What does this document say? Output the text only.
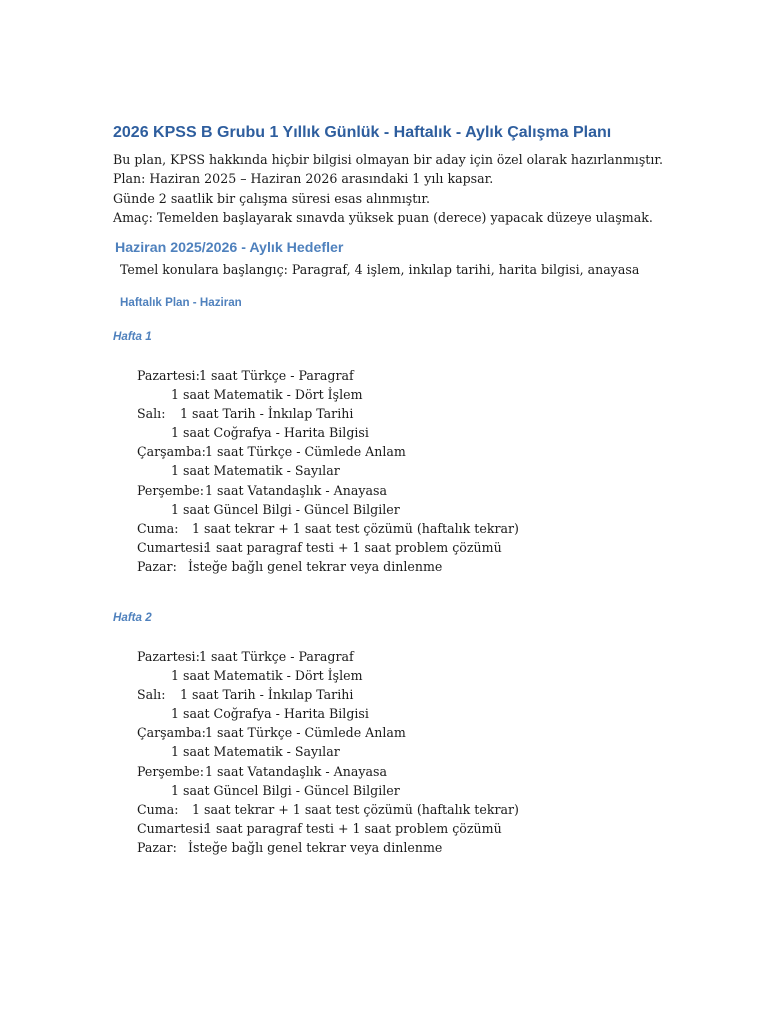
2026 KPSS B Grubu 1 Yıllık Günlük - Haftalık - Aylık Çalışma Planı
Bu plan, KPSS hakkında hiçbir bilgisi olmayan bir aday için özel olarak hazırlanmıştır.
Plan: Haziran 2025 – Haziran 2026 arasındaki 1 yılı kapsar.
Günde 2 saatlik bir çalışma süresi esas alınmıştır.
Amaç: Temelden başlayarak sınavda yüksek puan (derece) yapacak düzeye ulaşmak.
Haziran 2025/2026 - Aylık Hedefler
Temel konulara başlangıç: Paragraf, 4 işlem, inkılap tarihi, harita bilgisi, anayasa
Haftalık Plan - Haziran
Hafta 1
Pazartesi: 1 saat Türkçe - Paragraf
1 saat Matematik - Dört İşlem
Salı: 1 saat Tarih - İnkılap Tarihi
1 saat Coğrafya - Harita Bilgisi
Çarşamba: 1 saat Türkçe - Cümlede Anlam
1 saat Matematik - Sayılar
Perşembe: 1 saat Vatandaşlık - Anayasa
1 saat Güncel Bilgi - Güncel Bilgiler
Cuma: 1 saat tekrar + 1 saat test çözümü (haftalık tekrar)
Cumartesi:
1 saat paragraf testi + 1 saat problem çözümü
Pazar: İsteğe bağlı genel tekrar veya dinlenme
Hafta 2
Pazartesi: 1 saat Türkçe - Paragraf
1 saat Matematik - Dört İşlem
Salı: 1 saat Tarih - İnkılap Tarihi
1 saat Coğrafya - Harita Bilgisi
Çarşamba: 1 saat Türkçe - Cümlede Anlam
1 saat Matematik - Sayılar
Perşembe: 1 saat Vatandaşlık - Anayasa
1 saat Güncel Bilgi - Güncel Bilgiler
Cuma: 1 saat tekrar + 1 saat test çözümü (haftalık tekrar)
Cumartesi:
1 saat paragraf testi + 1 saat problem çözümü
Pazar: İsteğe bağlı genel tekrar veya dinlenme
